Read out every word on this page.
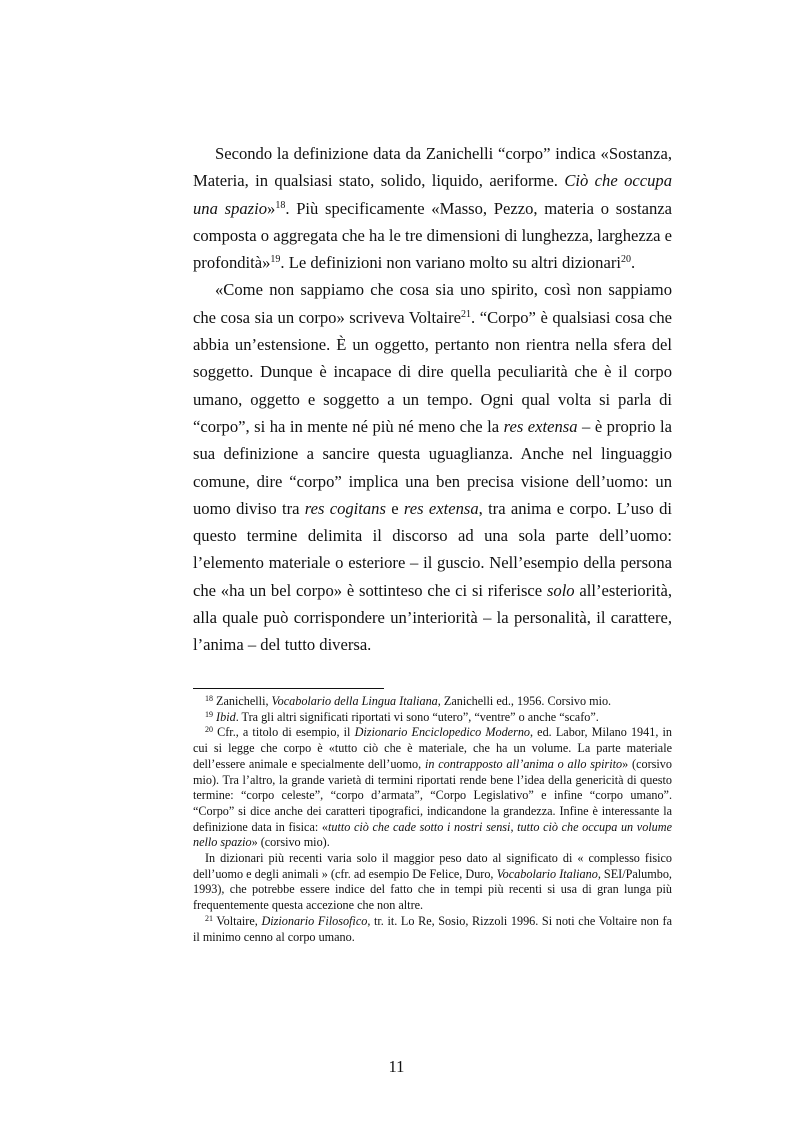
Secondo la definizione data da Zanichelli “corpo” indica «Sostanza, Materia, in qualsiasi stato, solido, liquido, aeriforme. Ciò che occupa una spazio»$^{18}$. Più specificamente «Masso, Pezzo, materia o sostanza composta o aggregata che ha le tre dimensioni di lunghezza, larghezza e profondità»$^{19}$. Le definizioni non variano molto su altri dizionari$^{20}$.

«Come non sappiamo che cosa sia uno spirito, così non sappiamo che cosa sia un corpo» scriveva Voltaire$^{21}$. “Corpo” è qualsiasi cosa che abbia un’estensione. È un oggetto, pertanto non rientra nella sfera del soggetto. Dunque è incapace di dire quella peculiarità che è il corpo umano, oggetto e soggetto a un tempo. Ogni qual volta si parla di “corpo”, si ha in mente né più né meno che la res extensa – è proprio la sua definizione a sancire questa uguaglianza. Anche nel linguaggio comune, dire “corpo” implica una ben precisa visione dell’uomo: un uomo diviso tra res cogitans e res extensa, tra anima e corpo. L’uso di questo termine delimita il discorso ad una sola parte dell’uomo: l’elemento materiale o esteriore – il guscio. Nell’esempio della persona che «ha un bel corpo» è sottinteso che ci si riferisce solo all’esteriorità, alla quale può corrispondere un’interiorità – la personalità, il carattere, l’anima – del tutto diversa.

$^{18}$ Zanichelli, Vocabolario della Lingua Italiana, Zanichelli ed., 1956. Corsivo mio.

$^{19}$ Ibid. Tra gli altri significati riportati vi sono “utero”, “ventre” o anche “scafo”.

$^{20}$ Cfr., a titolo di esempio, il Dizionario Enciclopedico Moderno, ed. Labor, Milano 1941, in cui si legge che corpo è «tutto ciò che è materiale, che ha un volume. La parte materiale dell’essere animale e specialmente dell’uomo, in contrapposto all’anima o allo spirito» (corsivo mio). Tra l’altro, la grande varietà di termini riportati rende bene l’idea della genericità di questo termine: “corpo celeste”, “corpo d’armata”, “Corpo Legislativo” e infine “corpo umano”. “Corpo” si dice anche dei caratteri tipografici, indicandone la grandezza. Infine è interessante la definizione data in fisica: «tutto ciò che cade sotto i nostri sensi, tutto ciò che occupa un volume nello spazio» (corsivo mio).

In dizionari più recenti varia solo il maggior peso dato al significato di « complesso fisico dell’uomo e degli animali » (cfr. ad esempio De Felice, Duro, Vocabolario Italiano, SEI/Palumbo, 1993), che potrebbe essere indice del fatto che in tempi più recenti si usa di gran lunga più frequentemente questa accezione che non altre.

$^{21}$ Voltaire, Dizionario Filosofico, tr. it. Lo Re, Sosio, Rizzoli 1996. Si noti che Voltaire non fa il minimo cenno al corpo umano.

11
